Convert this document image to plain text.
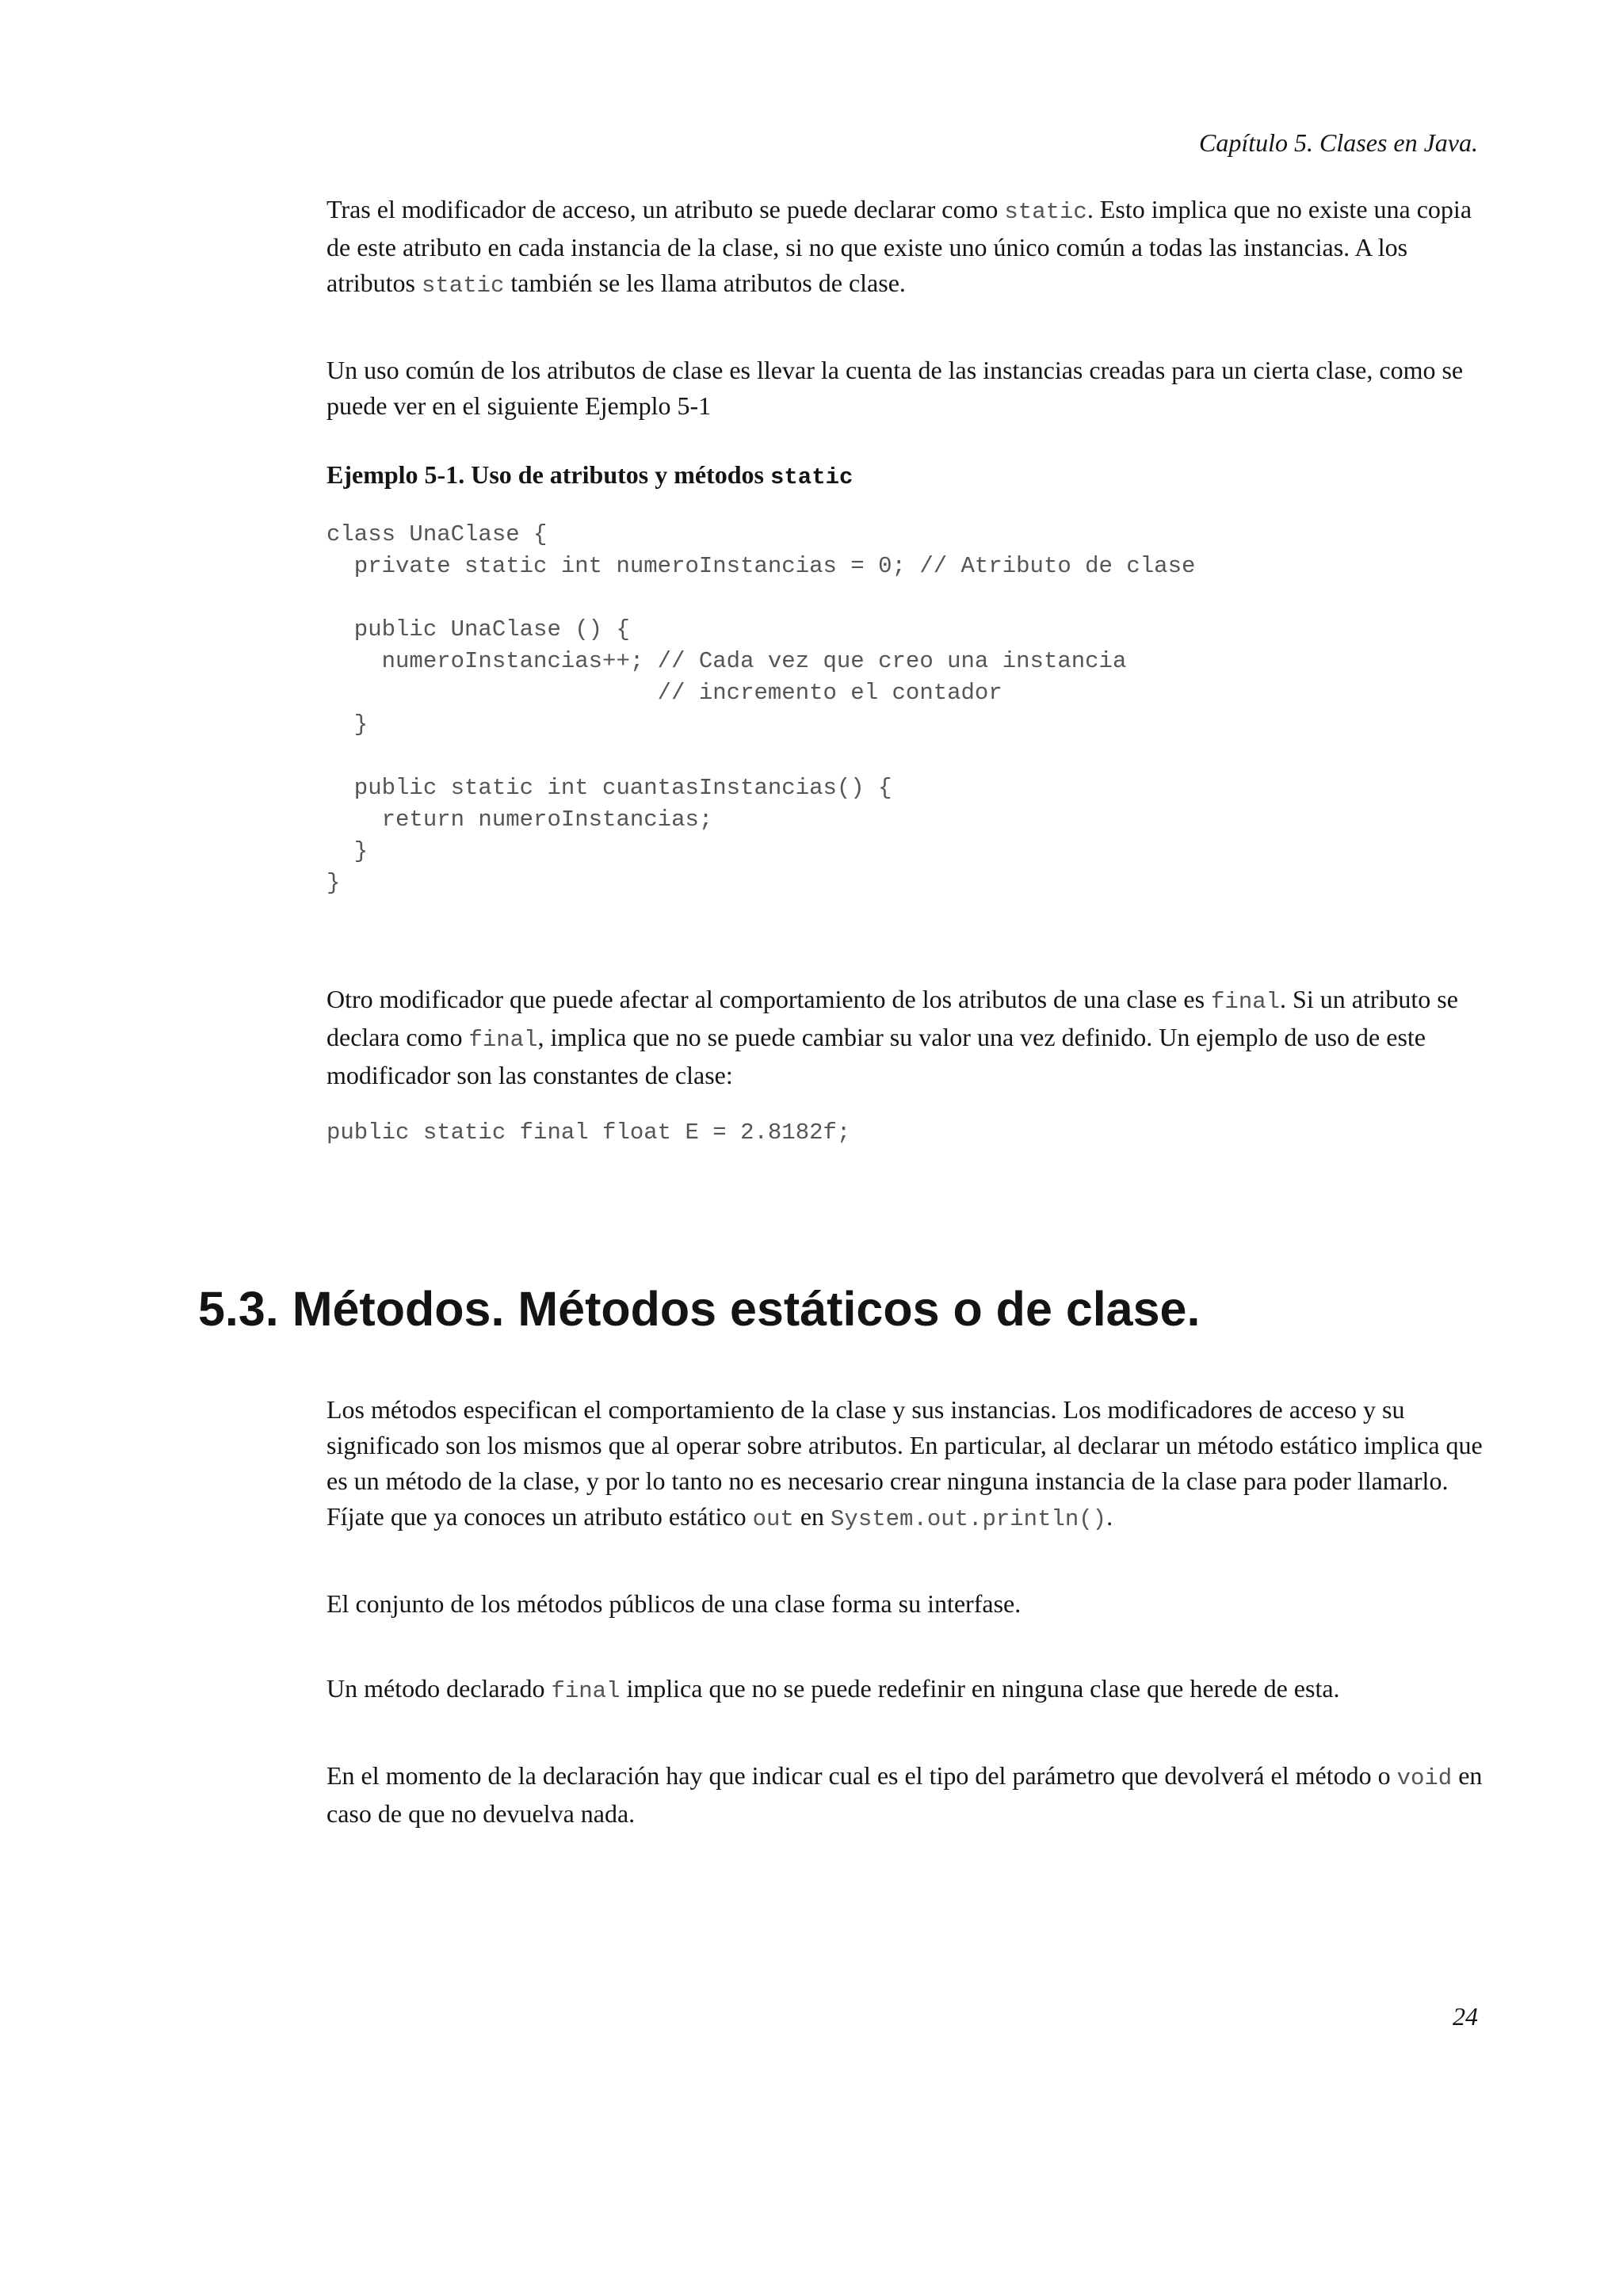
Capítulo 5. Clases en Java.

Tras el modificador de acceso, un atributo se puede declarar como static. Esto implica que no existe una copia de este atributo en cada instancia de la clase, si no que existe uno único común a todas las instancias. A los atributos static también se les llama atributos de clase.

Un uso común de los atributos de clase es llevar la cuenta de las instancias creadas para un cierta clase, como se puede ver en el siguiente Ejemplo 5-1

Ejemplo 5-1. Uso de atributos y métodos static

class UnaClase {
private static int numeroInstancias = 0; // Atributo de clase

public UnaClase () {
numeroInstancias++; // Cada vez que creo una instancia
// incremento el contador
}

public static int cuantasInstancias() {
return numeroInstancias;
}
}

Otro modificador que puede afectar al comportamiento de los atributos de una clase es final. Si un atributo se declara como final, implica que no se puede cambiar su valor una vez definido. Un ejemplo de uso de este modificador son las constantes de clase:

public static final float E = 2.8182f;
5.3. Métodos. Métodos estáticos o de clase.

Los métodos especifican el comportamiento de la clase y sus instancias. Los modificadores de acceso y su significado son los mismos que al operar sobre atributos. En particular, al declarar un método estático implica que es un método de la clase, y por lo tanto no es necesario crear ninguna instancia de la clase para poder llamarlo. Fíjate que ya conoces un atributo estático out en System.out.println().

El conjunto de los métodos públicos de una clase forma su interfase.

Un método declarado final implica que no se puede redefinir en ninguna clase que herede de esta.

En el momento de la declaración hay que indicar cual es el tipo del parámetro que devolverá el método o void en caso de que no devuelva nada.

24
